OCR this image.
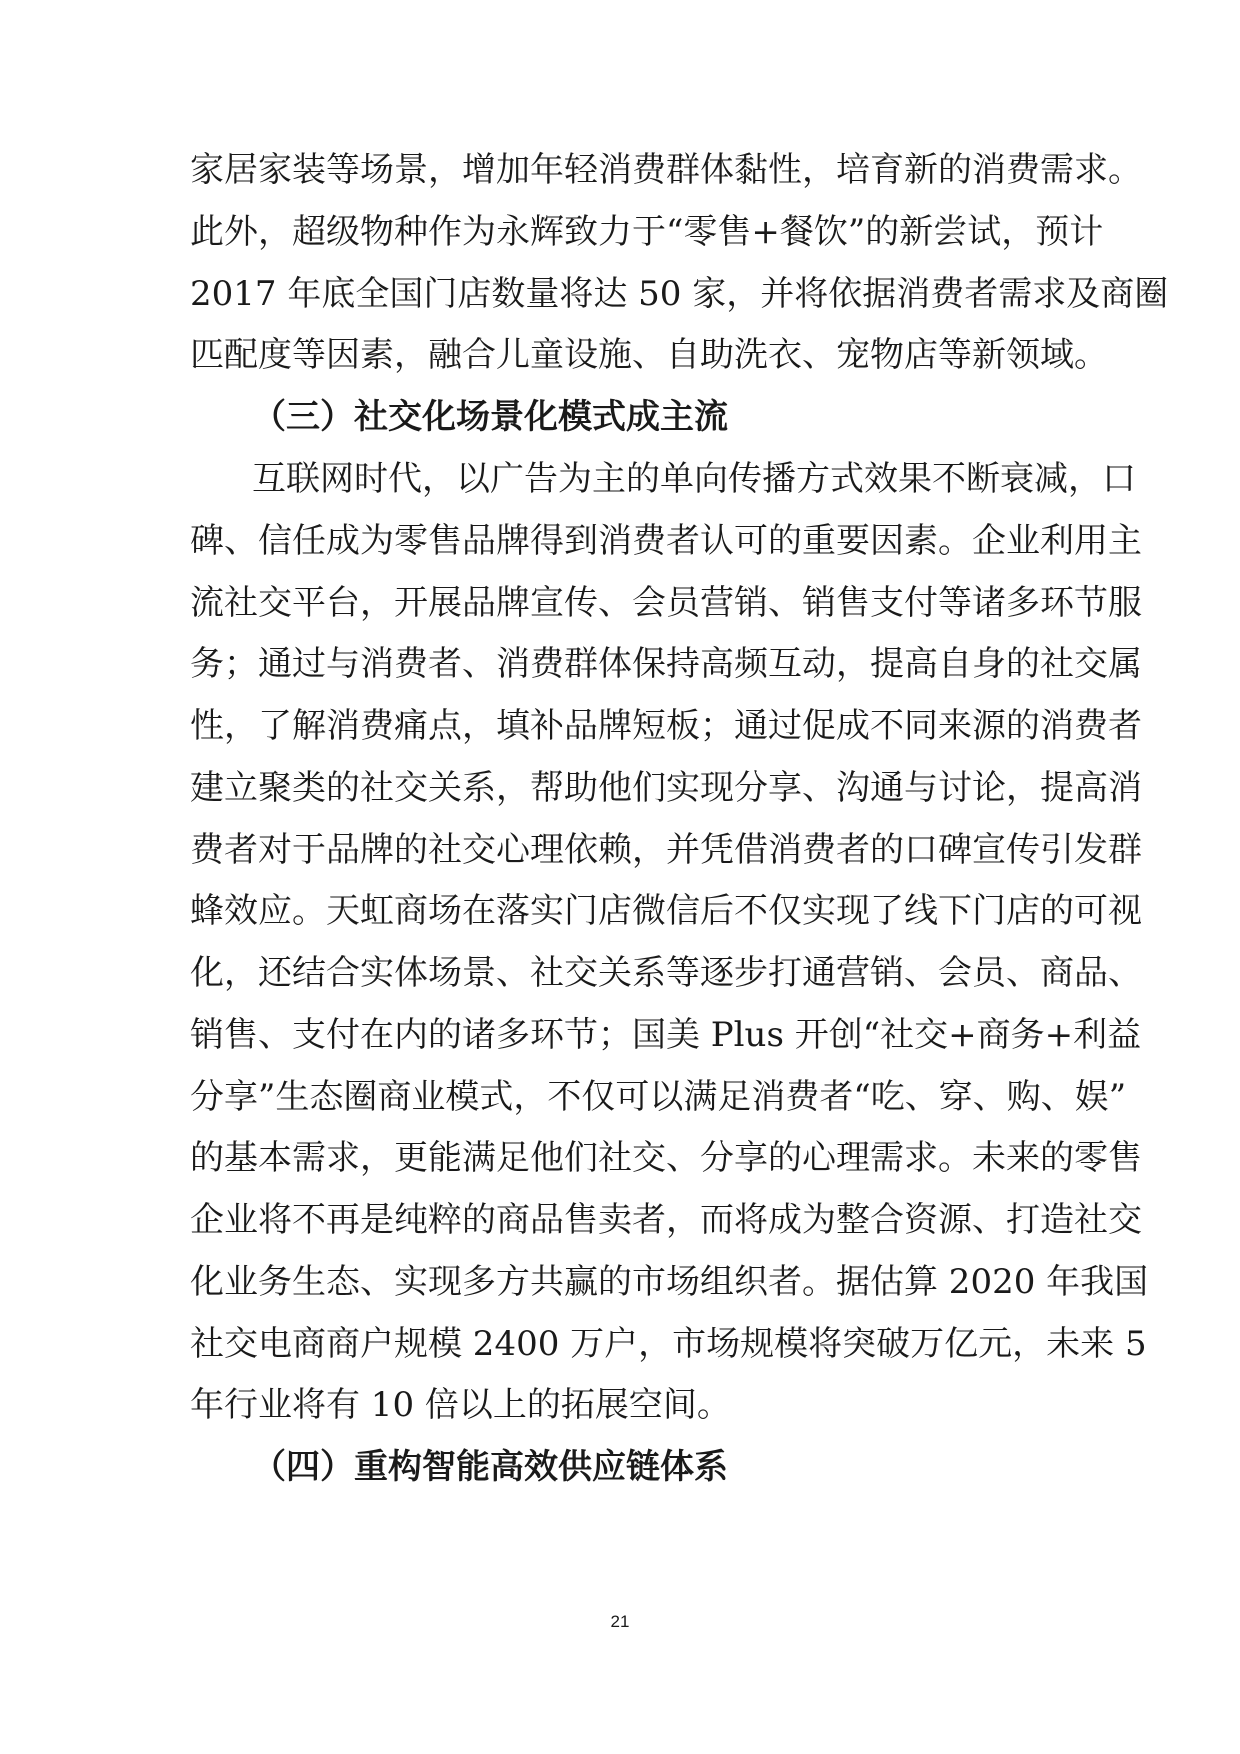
家居家装等场景，增加年轻消费群体黏性，培育新的消费需求。
此外，超级物种作为永辉致力于“零售+餐饮”的新尝试，预计
2017 年底全国门店数量将达 50 家，并将依据消费者需求及商圈
匹配度等因素，融合儿童设施、自助洗衣、宠物店等新领域。
（三）社交化场景化模式成主流
互联网时代，以广告为主的单向传播方式效果不断衰减，口
碑、信任成为零售品牌得到消费者认可的重要因素。企业利用主
流社交平台，开展品牌宣传、会员营销、销售支付等诸多环节服
务；通过与消费者、消费群体保持高频互动，提高自身的社交属
性，了解消费痛点，填补品牌短板；通过促成不同来源的消费者
建立聚类的社交关系，帮助他们实现分享、沟通与讨论，提高消
费者对于品牌的社交心理依赖，并凭借消费者的口碑宣传引发群
蜂效应。天虹商场在落实门店微信后不仅实现了线下门店的可视
化，还结合实体场景、社交关系等逐步打通营销、会员、商品、
销售、支付在内的诸多环节；国美 Plus 开创“社交+商务+利益
分享”生态圈商业模式，不仅可以满足消费者“吃、穿、购、娱”
的基本需求，更能满足他们社交、分享的心理需求。未来的零售
企业将不再是纯粹的商品售卖者，而将成为整合资源、打造社交
化业务生态、实现多方共赢的市场组织者。据估算 2020 年我国
社交电商商户规模 2400 万户，市场规模将突破万亿元，未来 5
年行业将有 10 倍以上的拓展空间。
（四）重构智能高效供应链体系
21
